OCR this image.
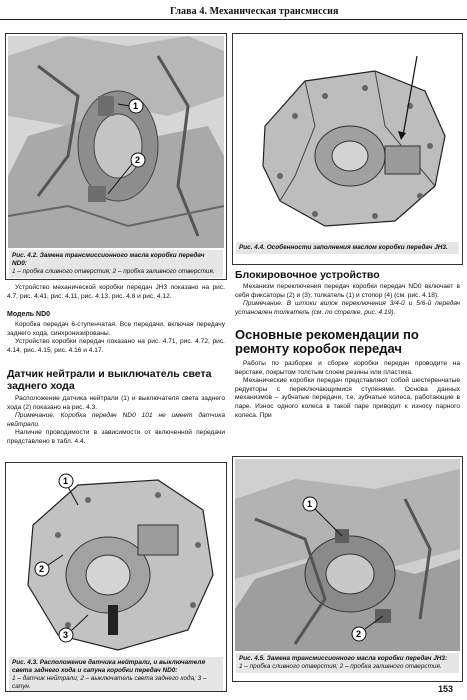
Глава 4. Механическая трансмиссия
1
2
Рис. 4.2. Замена трансмиссионного масла коробки передач ND0:
1 – пробка сливного отверстия; 2 – пробка заливного отверстия.
Рис. 4.4. Особенности заполнения маслом коробки передач JH3.

Устройство механической коробки передач JH3 показано на рис. 4.7, рис. 4.41, рис. 4.11, рис. 4.13, рис. 4.8 и рис. 4.12.

Модель ND0

Коробка передач 6-ступенчатая. Все передачи, включая передачу заднего хода, синхронизированы.

Устройство коробки передач показано на рис. 4.71, рис. 4.72, рис. 4.14, рис. 4.15, рис. 4.16 и 4.17.

Датчик нейтрали и выключатель света заднего хода

Расположение датчика нейтрали (1) и выключателя света заднего хода (2) показано на рис. 4.3.

Примечание. Коробка передач ND0 101 не имеет датчика нейтрали.

Наличие проводимости в зависимости от включенной передачи представлено в табл. 4.4.

Блокировочное устройство

Механизм переключения передач коробки передач ND0 включает в себя фиксаторы (2) и (3), толкатель (1) и стопор (4) (см. рис. 4.18).

Примечание. В штоки вилок переключения 3/4-й и 5/6-й передач установлен толкатель (см. по стрелке, рис. 4.19).

Основные рекомендации по ремонту коробок передач

Работы по разборке и сборке коробки передач проводите на верстаке, покрытом толстым слоем резины или пластика.

Механические коробки передач представляют собой шестеренчатые редукторы с переключающимися ступенями. Основа данных механизмов – зубчатые передачи, т.е. зубчатые колеса, работающие в паре. Износ одного колеса в такой паре приводит к износу парного колеса. При

1
2
3
Рис. 4.3. Расположение датчика нейтрали, и выключателя света заднего хода и сапуна коробки передач ND0:
1 – датчик нейтрали; 2 – выключатель света заднего хода; 3 – сапун.
1
2
Рис. 4.5. Замена трансмиссионного масла коробки передач JH3:
1 – пробка сливного отверстия; 2 – пробка заливного отверстия.
153
